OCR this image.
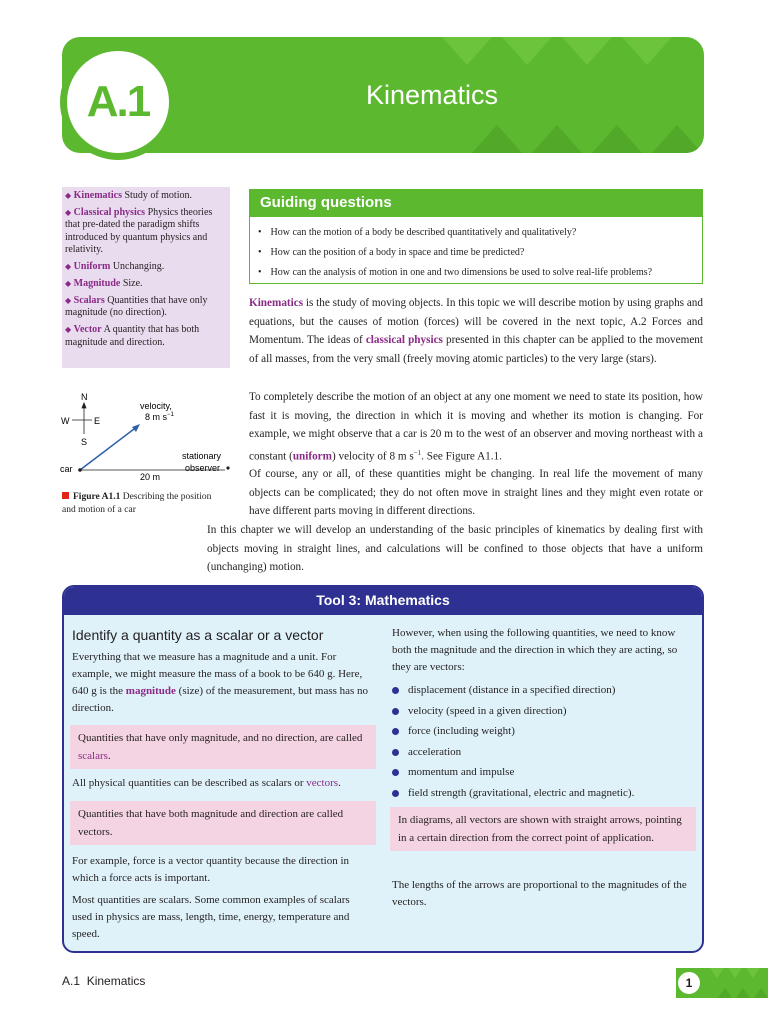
A.1	Kinematics
◆ Kinematics Study of motion.
◆ Classical physics Physics theories that pre-dated the paradigm shifts introduced by quantum physics and relativity.
◆ Uniform Unchanging.
◆ Magnitude Size.
◆ Scalars Quantities that have only magnitude (no direction).
◆ Vector A quantity that has both magnitude and direction.
N
W	E
S
velocity,
8 m $s^{-1}$
car
20 m
stationary
observer
Figure A1.1 Describing the position and motion of a car
Guiding questions
• How can the motion of a body be described quantitatively and qualitatively?
• How can the position of a body in space and time be predicted?
• How can the analysis of motion in one and two dimensions be used to solve real-life problems?
Kinematics is the study of moving objects. In this topic we will describe motion by using graphs and equations, but the causes of motion (forces) will be covered in the next topic, A.2 Forces and Momentum. The ideas of classical physics presented in this chapter can be applied to the movement of all masses, from the very small (freely moving atomic particles) to the very large (stars).
To completely describe the motion of an object at any one moment we need to state its position, how fast it is moving, the direction in which it is moving and whether its motion is changing. For example, we might observe that a car is 20 m to the west of an observer and moving northeast with a constant (uniform) velocity of 8 m $s^{-1}$. See Figure A1.1.
Of course, any or all, of these quantities might be changing. In real life the movement of many objects can be complicated; they do not often move in straight lines and they might even rotate or have different parts moving in different directions.
In this chapter we will develop an understanding of the basic principles of kinematics by dealing first with objects moving in straight lines, and calculations will be confined to those objects that have a uniform (unchanging) motion.
Tool 3: Mathematics
Identify a quantity as a scalar or a vector
Everything that we measure has a magnitude and a unit. For example, we might measure the mass of a book to be 640 g. Here, 640 g is the magnitude (size) of the measurement, but mass has no direction.
Quantities that have only magnitude, and no direction, are called scalars.
All physical quantities can be described as scalars or vectors.
Quantities that have both magnitude and direction are called vectors.
For example, force is a vector quantity because the direction in which a force acts is important.
Most quantities are scalars. Some common examples of scalars used in physics are mass, length, time, energy, temperature and speed.
However, when using the following quantities, we need to know both the magnitude and the direction in which they are acting, so they are vectors:
displacement (distance in a specified direction)
velocity (speed in a given direction)
force (including weight)
acceleration
momentum and impulse
field strength (gravitational, electric and magnetic).
In diagrams, all vectors are shown with straight arrows, pointing in a certain direction from the correct point of application.
The lengths of the arrows are proportional to the magnitudes of the vectors.
A.1 Kinematics	1
